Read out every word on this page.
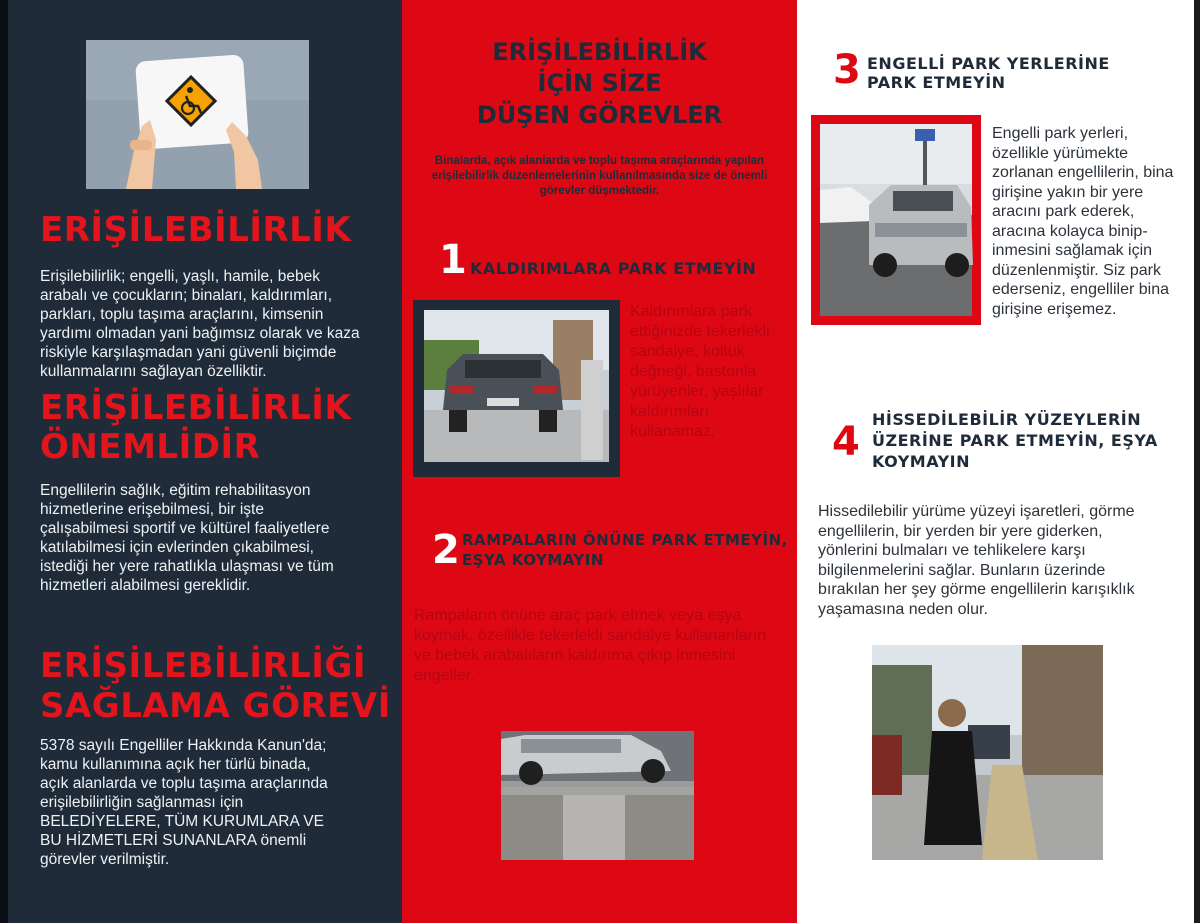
ERİŞİLEBİLİRLİK
Erişilebilirlik; engelli, yaşlı, hamile, bebek arabalı ve çocukların; binaları, kaldırımları, parkları, toplu taşıma araçlarını, kimsenin yardımı olmadan yani bağımsız olarak ve kaza riskiyle karşılaşmadan yani güvenli biçimde kullanmalarını sağlayan özelliktir.
ERİŞİLEBİLİRLİK
ÖNEMLİDİR
Engellilerin sağlık, eğitim rehabilitasyon hizmetlerine erişebilmesi, bir işte çalışabilmesi sportif ve kültürel faaliyetlere katılabilmesi için evlerinden çıkabilmesi, istediği her yere rahatlıkla ulaşması ve tüm hizmetleri alabilmesi gereklidir.
ERİŞİLEBİLİRLİĞİ
SAĞLAMA GÖREVİ
5378 sayılı Engelliler Hakkında Kanun'da; kamu kullanımına açık her türlü binada, açık alanlarda ve toplu taşıma araçlarında erişilebilirliğin sağlanması için BELEDİYELERE, TÜM KURUMLARA VE BU HİZMETLERİ SUNANLARA önemli görevler verilmiştir.
ERİŞİLEBİLİRLİK
İÇİN SİZE
DÜŞEN GÖREVLER
Binalarda, açık alanlarda ve toplu taşıma araçlarında yapılan erişilebilirlik düzenlemelerinin kullanılmasında size de önemli görevler düşmektedir.
1 KALDIRIMLARA PARK ETMEYİN
Kaldırımlara park ettiğinizde tekerlekli sandalye, koltuk değneği, bastonla yürüyenler, yaşlılar kaldırımları kullanamaz.
2 RAMPALARIN ÖNÜNE PARK ETMEYİN,
EŞYA KOYMAYIN
Rampaların önüne araç park etmek veya eşya koymak, özellikle tekerlekli sandalye kullananların ve bebek arabalıların kaldırıma çıkıp inmesini engeller.
3 ENGELLİ PARK YERLERİNE
PARK ETMEYİN
Engelli park yerleri, özellikle yürümekte zorlanan engellilerin, bina girişine yakın bir yere aracını park ederek, aracına kolayca binip-inmesini sağlamak için düzenlenmiştir. Siz park ederseniz, engelliler bina girişine erişemez.
4 HİSSEDİLEBİLİR YÜZEYLERİN
ÜZERİNE PARK ETMEYİN, EŞYA
KOYMAYIN
Hissedilebilir yürüme yüzeyi işaretleri, görme engellilerin, bir yerden bir yere giderken, yönlerini bulmaları ve tehlikelere karşı bilgilenmelerini sağlar. Bunların üzerinde bırakılan her şey görme engellilerin karışıklık yaşamasına neden olur.
